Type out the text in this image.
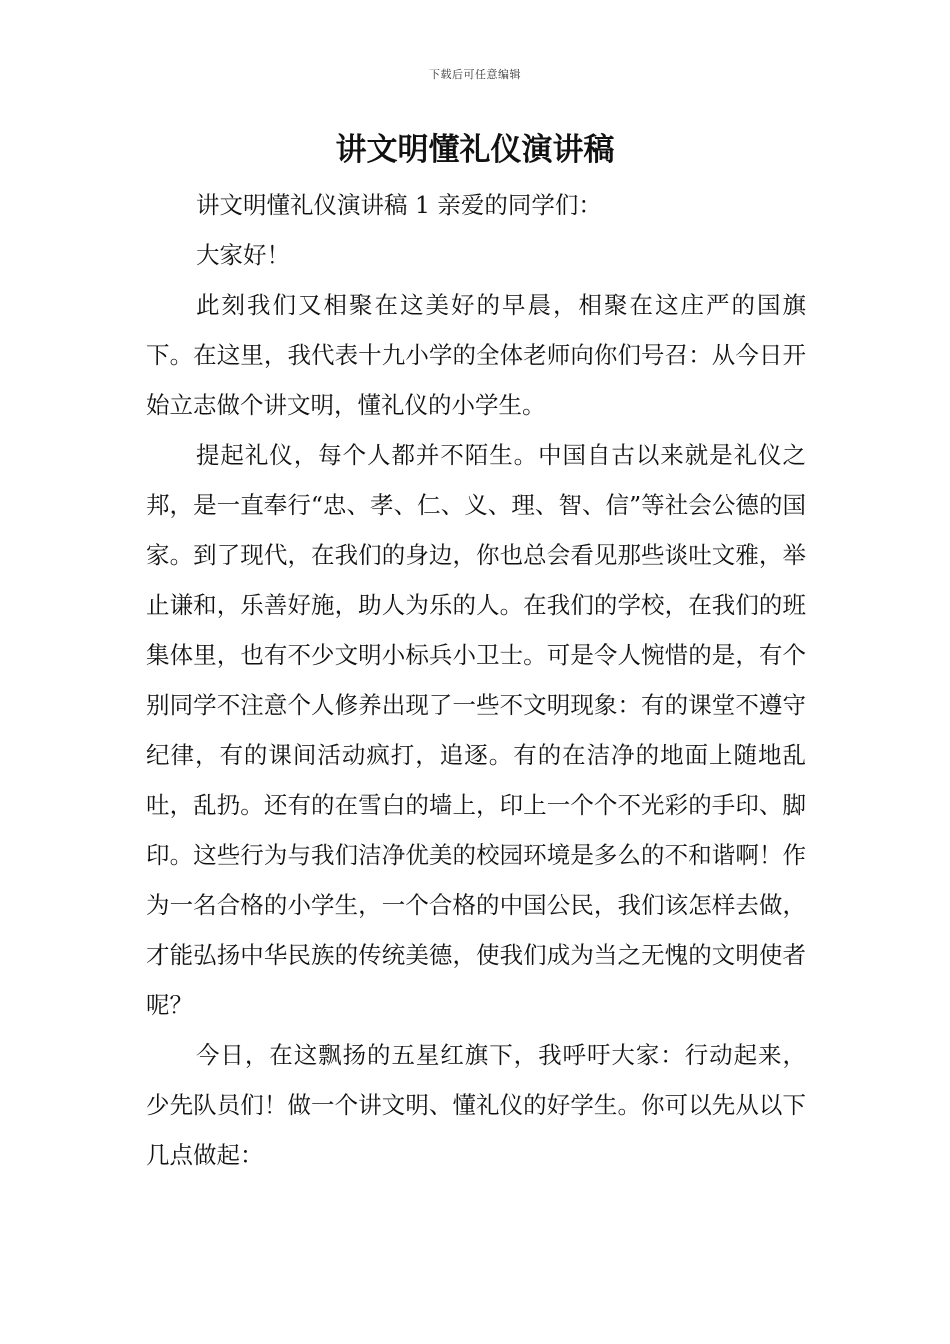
下载后可任意编辑
讲文明懂礼仪演讲稿

讲文明懂礼仪演讲稿 1 亲爱的同学们：

大家好！

此刻我们又相聚在这美好的早晨，相聚在这庄严的国旗下。在这里，我代表十九小学的全体老师向你们号召：从今日开始立志做个讲文明，懂礼仪的小学生。

提起礼仪，每个人都并不陌生。中国自古以来就是礼仪之邦，是一直奉行“忠、孝、仁、义、理、智、信”等社会公德的国家。到了现代，在我们的身边，你也总会看见那些谈吐文雅，举止谦和，乐善好施，助人为乐的人。在我们的学校，在我们的班集体里，也有不少文明小标兵小卫士。可是令人惋惜的是，有个别同学不注意个人修养出现了一些不文明现象：有的课堂不遵守纪律，有的课间活动疯打，追逐。有的在洁净的地面上随地乱吐，乱扔。还有的在雪白的墙上，印上一个个不光彩的手印、脚印。这些行为与我们洁净优美的校园环境是多么的不和谐啊！作为一名合格的小学生，一个合格的中国公民，我们该怎样去做，才能弘扬中华民族的传统美德，使我们成为当之无愧的文明使者呢？

今日，在这飘扬的五星红旗下，我呼吁大家：行动起来，少先队员们！做一个讲文明、懂礼仪的好学生。你可以先从以下几点做起：
